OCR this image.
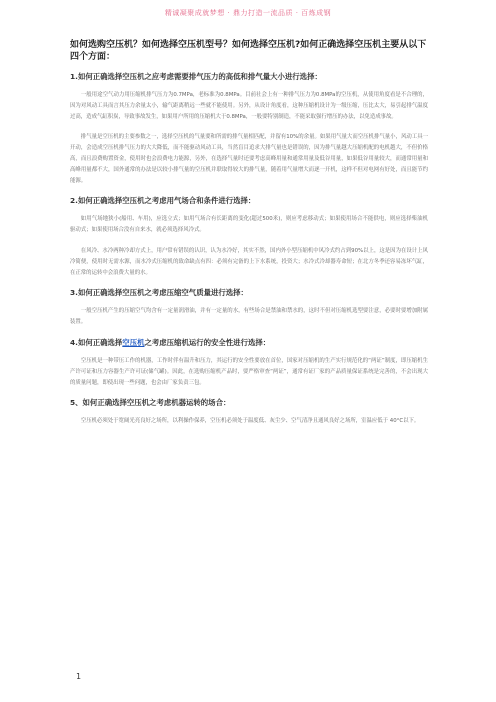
精诚凝聚成就梦想 · 鼎力打造一流品质 · 百炼成钢
如何选购空压机？如何选择空压机型号？如何选择空压机?如何正确选择空压机主要从以下四个方面：
1.如何正确选择空压机之应考虑需要排气压力的高低和排气量大小进行选择：

一般用途空气动力用压缩机排气压力为0.7MPa，老标准为0.8MPa。目前社会上有一种排气压力为0.8MPa的空压机，从使用角度看是不合理的，因为对风动工具而言其压力余量太小，输气距离稍远一些就不能使用。另外，从设计角度看，这种压缩机设计为一级压缩，压比太大，易引起排气温度过高，造成气缸积炭，导致事故发生，如果用户所用的压缩机大于0.8MPa，一般要特别制造，不能采取强行增压的办法，以免造成事故。

排气量是空压机的主要参数之一，选择空压机的气量要和所需的排气量相匹配，并留有10%的余量。如果用气量大而空压机排气量小，风动工具一开动，会造成空压机排气压力的大大降低，而不能驱动风动工具，当然盲目追求大排气量也是错误的，因为排气量越大压缩机配的电机越大，不但价格高，而且浪费购置资金，使用时也会浪费电力能源，另外，在选择气量时还要考虑高峰用量和通常用量及低谷用量，如果低谷用量较大，而通常用量和高峰用量都不大，国外通常的办法是以较小排气量的空压机并联取得较大的排气量，随着用气量增大而逐一开机，这样不但对电网有好处，而且能节约能源。

2.如何正确选择空压机之考虑用气场合和条件进行选择：

如用气场地狭小(船用、车用)，应选立式；如用气场合有长距离的变化(超过500米)，则应考虑移动式；如果使用场合不能供电，则应选择柴油机驱动式；如果使用场合没有自来水，就必须选择风冷式。

在风冷、水冷两种冷却方式上，用户常有错误的认识，认为水冷好，其实不然，国内外小型压缩机中风冷式约占到90%以上，这是因为在设计上风冷简便，使用时无需水源，而水冷式压缩机的致命缺点有四：必须有完备的上下水系统，投资大；水冷式冷却器寿命短；在北方冬季还容易冻坏气缸，在正常的运转中会浪费大量的水。

3.如何正确选择空压机之考虑压缩空气质量进行选择：

一般空压机产生的压缩空气均含有一定量润滑油，并有一定量的水，有些场合是禁油和禁水的，这时不但对压缩机选型要注意，必要时要增加附属装置。

4.如何正确选择空压机之考虑压缩机运行的安全性进行选择：

空压机是一种带压工作的机器，工作时伴有温升和压力，其运行的安全性要放在首位，国家对压缩机的生产实行规范化的“两证”制度，即压缩机生产许可证和压力容器生产许可证(储气罐)。因此，在选购压缩机产品时，要严格审查“两证”，通常有证厂家的产品质量保证系统是完善的，不会出现大的质量问题，即使出现一些问题，也会由厂家负责三包。

5、如何正确选择空压机之考虑机器运转的场合：

空压机必须处于宽阔光亮良好之场所，以利操作保养，空压机必须处于温度低、灰尘少、空气清净且通风良好之场所，室温应低于 40°C以下。

1
